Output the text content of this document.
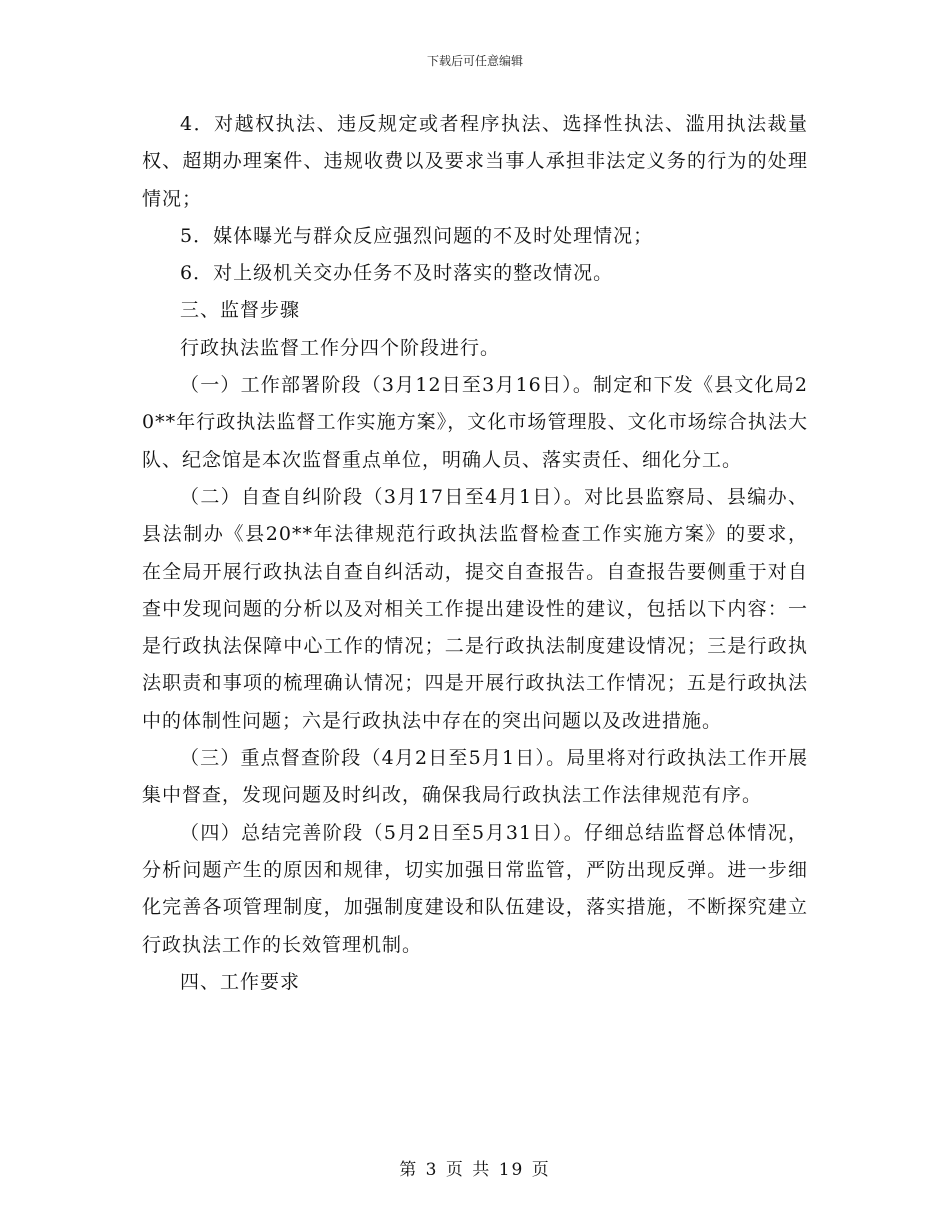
下载后可任意编辑

4．对越权执法、违反规定或者程序执法、选择性执法、滥用执法裁量权、超期办理案件、违规收费以及要求当事人承担非法定义务的行为的处理情况；

5．媒体曝光与群众反应强烈问题的不及时处理情况；

6．对上级机关交办任务不及时落实的整改情况。

三、监督步骤

行政执法监督工作分四个阶段进行。

（一）工作部署阶段（3月12日至3月16日）。制定和下发《县文化局20**年行政执法监督工作实施方案》，文化市场管理股、文化市场综合执法大队、纪念馆是本次监督重点单位，明确人员、落实责任、细化分工。

（二）自查自纠阶段（3月17日至4月1日）。对比县监察局、县编办、县法制办《县20**年法律规范行政执法监督检查工作实施方案》的要求，在全局开展行政执法自查自纠活动，提交自查报告。自查报告要侧重于对自查中发现问题的分析以及对相关工作提出建设性的建议，包括以下内容：一是行政执法保障中心工作的情况；二是行政执法制度建设情况；三是行政执法职责和事项的梳理确认情况；四是开展行政执法工作情况；五是行政执法中的体制性问题；六是行政执法中存在的突出问题以及改进措施。

（三）重点督查阶段（4月2日至5月1日）。局里将对行政执法工作开展集中督查，发现问题及时纠改，确保我局行政执法工作法律规范有序。

（四）总结完善阶段（5月2日至5月31日）。仔细总结监督总体情况，分析问题产生的原因和规律，切实加强日常监管，严防出现反弹。进一步细化完善各项管理制度，加强制度建设和队伍建设，落实措施，不断探究建立行政执法工作的长效管理机制。

四、工作要求

第 3 页 共 19 页
